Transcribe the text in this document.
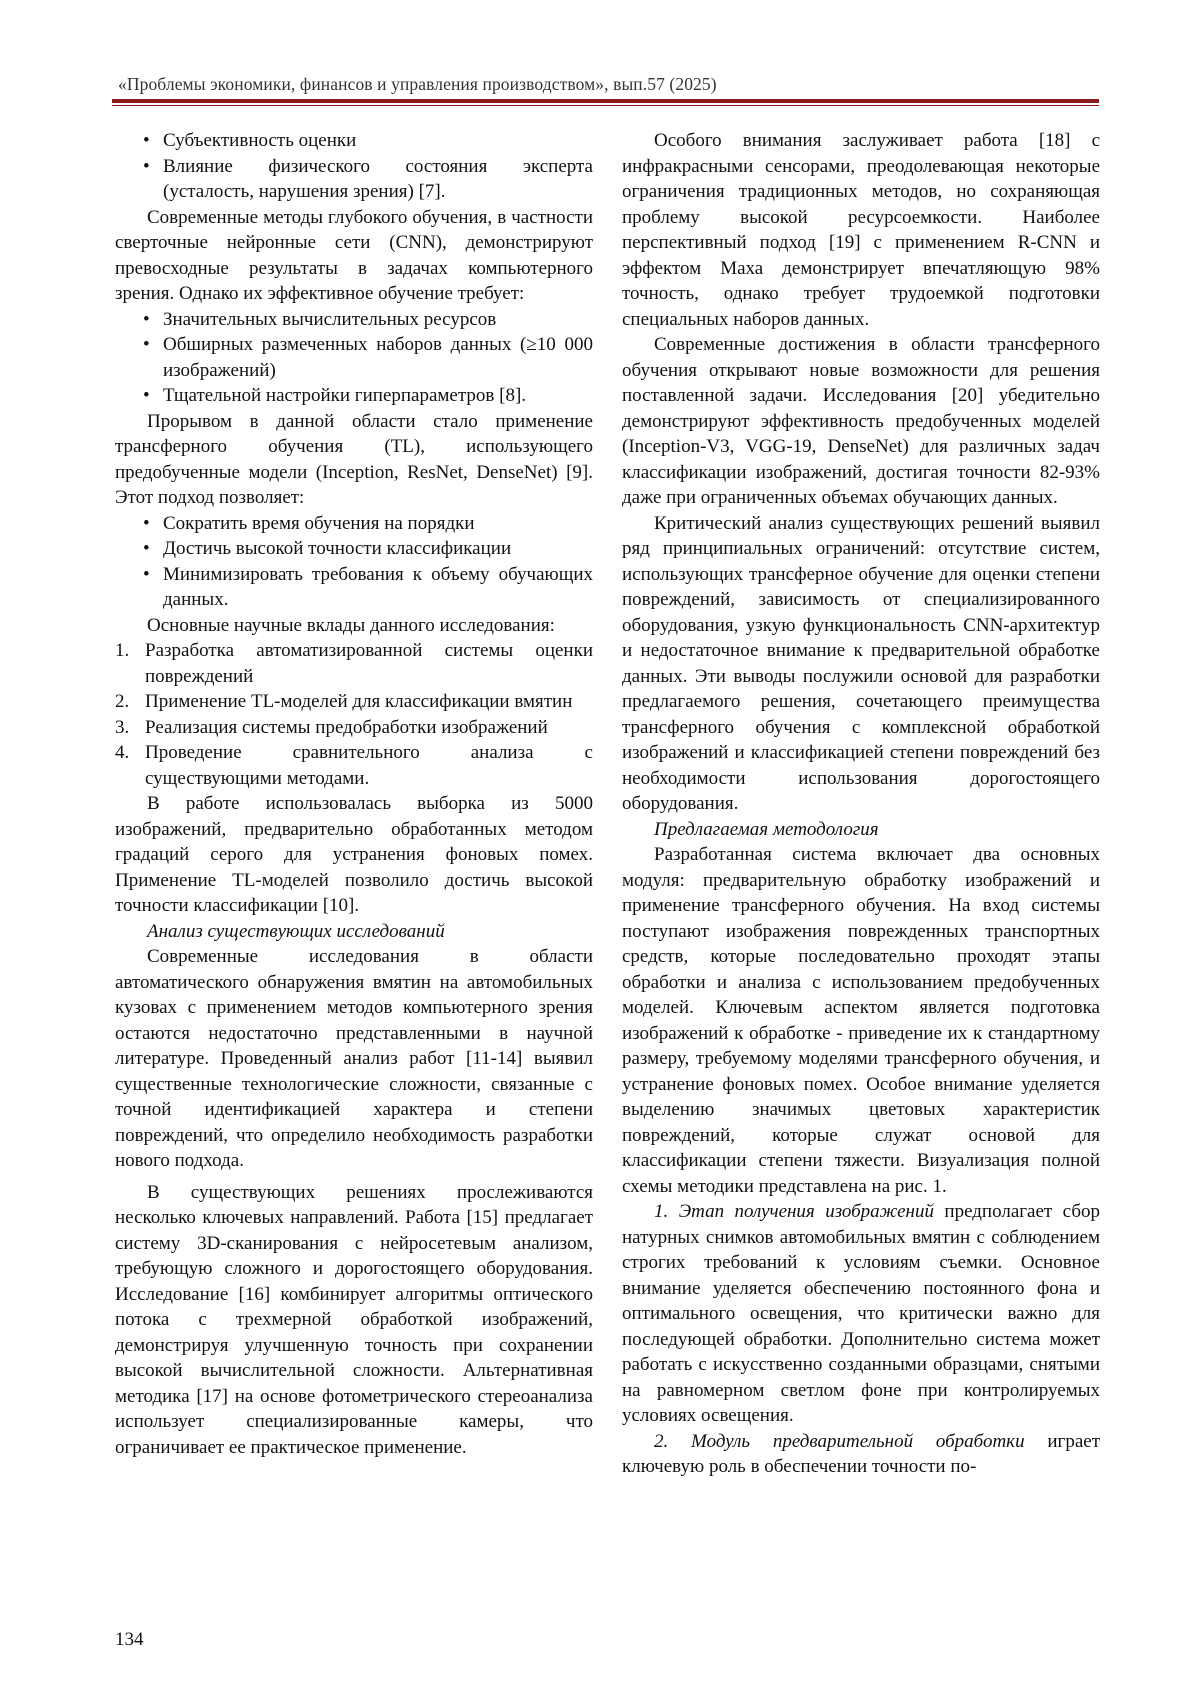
«Проблемы экономики, финансов и управления производством», вып.57 (2025)
• Субъективность оценки
• Влияние физического состояния эксперта (усталость, нарушения зрения) [7].

Современные методы глубокого обучения, в частности сверточные нейронные сети (CNN), демонстрируют превосходные результаты в задачах компьютерного зрения. Однако их эффективное обучение требует:

• Значительных вычислительных ресурсов
• Обширных размеченных наборов данных (≥10 000 изображений)
• Тщательной настройки гиперпараметров [8].

Прорывом в данной области стало применение трансферного обучения (TL), использующего предобученные модели (Inception, ResNet, DenseNet) [9]. Этот подход позволяет:

• Сократить время обучения на порядки
• Достичь высокой точности классификации
• Минимизировать требования к объему обучающих данных.

Основные научные вклады данного исследования:

1. Разработка автоматизированной системы оценки повреждений
2. Применение TL-моделей для классификации вмятин
3. Реализация системы предобработки изображений
4. Проведение сравнительного анализа с существующими методами.

В работе использовалась выборка из 5000 изображений, предварительно обработанных методом градаций серого для устранения фоновых помех. Применение TL-моделей позволило достичь высокой точности классификации [10].

Анализ существующих исследований

Современные исследования в области автоматического обнаружения вмятин на автомобильных кузовах с применением методов компьютерного зрения остаются недостаточно представленными в научной литературе. Проведенный анализ работ [11-14] выявил существенные технологические сложности, связанные с точной идентификацией характера и степени повреждений, что определило необходимость разработки нового подхода.

В существующих решениях прослеживаются несколько ключевых направлений. Работа [15] предлагает систему 3D-сканирования с нейросетевым анализом, требующую сложного и дорогостоящего оборудования. Исследование [16] комбинирует алгоритмы оптического потока с трехмерной обработкой изображений, демонстрируя улучшенную точность при сохранении высокой вычислительной сложности. Альтернативная методика [17] на основе фотометрического стереоанализа использует специализированные камеры, что ограничивает ее практическое применение.

Особого внимания заслуживает работа [18] с инфракрасными сенсорами, преодолевающая некоторые ограничения традиционных методов, но сохраняющая проблему высокой ресурсоемкости. Наиболее перспективный подход [19] с применением R-CNN и эффектом Маха демонстрирует впечатляющую 98% точность, однако требует трудоемкой подготовки специальных наборов данных.

Современные достижения в области трансферного обучения открывают новые возможности для решения поставленной задачи. Исследования [20] убедительно демонстрируют эффективность предобученных моделей (Inception-V3, VGG-19, DenseNet) для различных задач классификации изображений, достигая точности 82-93% даже при ограниченных объемах обучающих данных.

Критический анализ существующих решений выявил ряд принципиальных ограничений: отсутствие систем, использующих трансферное обучение для оценки степени повреждений, зависимость от специализированного оборудования, узкую функциональность CNN-архитектур и недостаточное внимание к предварительной обработке данных. Эти выводы послужили основой для разработки предлагаемого решения, сочетающего преимущества трансферного обучения с комплексной обработкой изображений и классификацией степени повреждений без необходимости использования дорогостоящего оборудования.

Предлагаемая методология

Разработанная система включает два основных модуля: предварительную обработку изображений и применение трансферного обучения. На вход системы поступают изображения поврежденных транспортных средств, которые последовательно проходят этапы обработки и анализа с использованием предобученных моделей. Ключевым аспектом является подготовка изображений к обработке - приведение их к стандартному размеру, требуемому моделями трансферного обучения, и устранение фоновых помех. Особое внимание уделяется выделению значимых цветовых характеристик повреждений, которые служат основой для классификации степени тяжести. Визуализация полной схемы методики представлена на рис. 1.

1. Этап получения изображений предполагает сбор натурных снимков автомобильных вмятин с соблюдением строгих требований к условиям съемки. Основное внимание уделяется обеспечению постоянного фона и оптимального освещения, что критически важно для последующей обработки. Дополнительно система может работать с искусственно созданными образцами, снятыми на равномерном светлом фоне при контролируемых условиях освещения.

2. Модуль предварительной обработки играет ключевую роль в обеспечении точности по-

134
